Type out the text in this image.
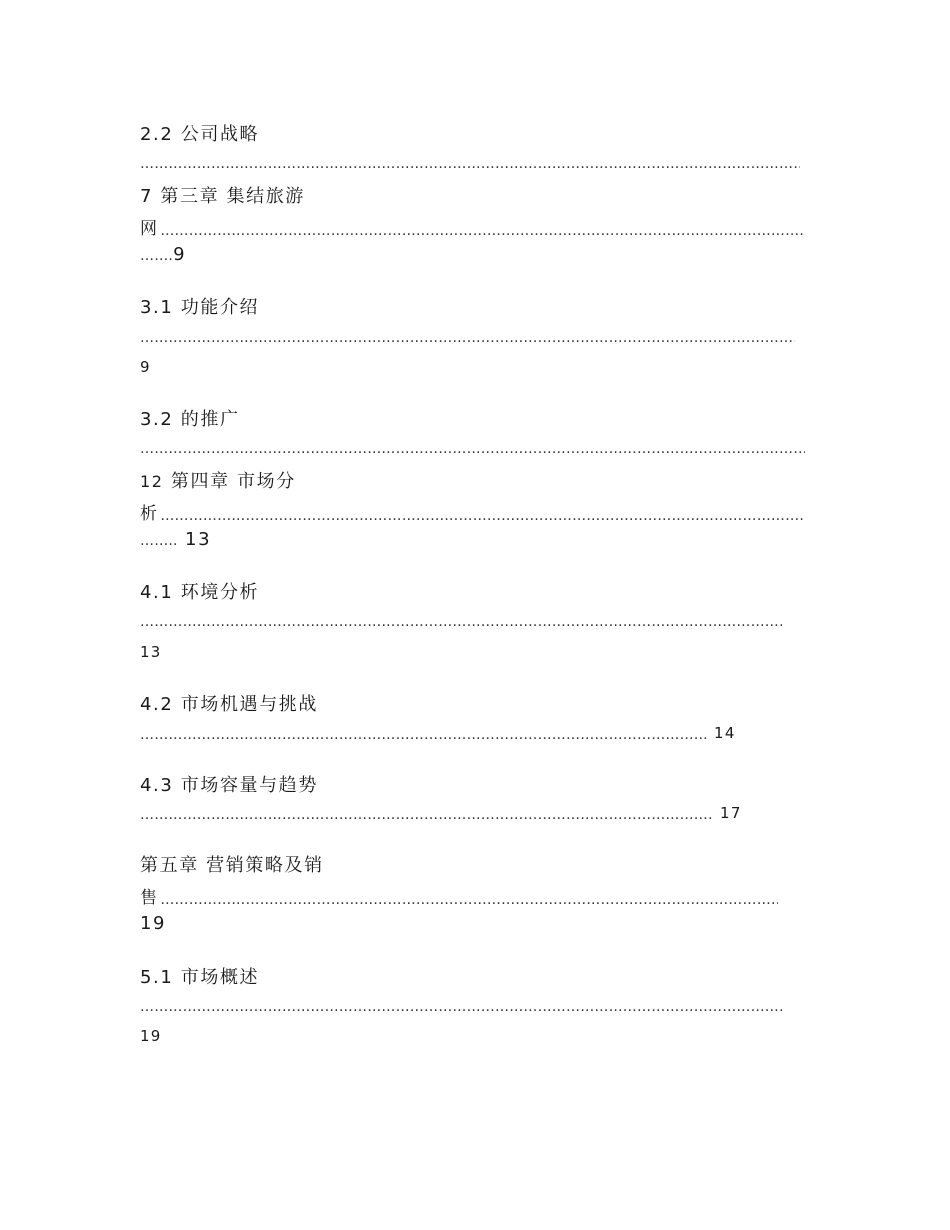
2.2 公司战略
……………………………………………………………………………………………………………………………………………………………………………………………………………………………………
7 第三章 集结旅游
网……………………………………………………………………………………………………………………………………………………………………………………………………
…….9
3.1 功能介绍
……………………………………………………………………………………………………………………………………………………………………………………………………………………………………
9
3.2 的推广
……………………………………………………………………………………………………………………………………………………………………………………………………………………………………
12 第四章 市场分
析……………………………………………………………………………………………………………………………………………………………………………………………………
…….. 13
4.1 环境分析
……………………………………………………………………………………………………………………………………………………………………………………………………………………………………
13
4.2 市场机遇与挑战
……………………………………………………………………………………………………………………………………………………………………………………………………14
4.3 市场容量与趋势
……………………………………………………………………………………………………………………………………………………………………………………………………17
第五章 营销策略及销
售……………………………………………………………………………………………………………………………………………………………………………………………………
19
5.1 市场概述
……………………………………………………………………………………………………………………………………………………………………………………………………………………………………
19
